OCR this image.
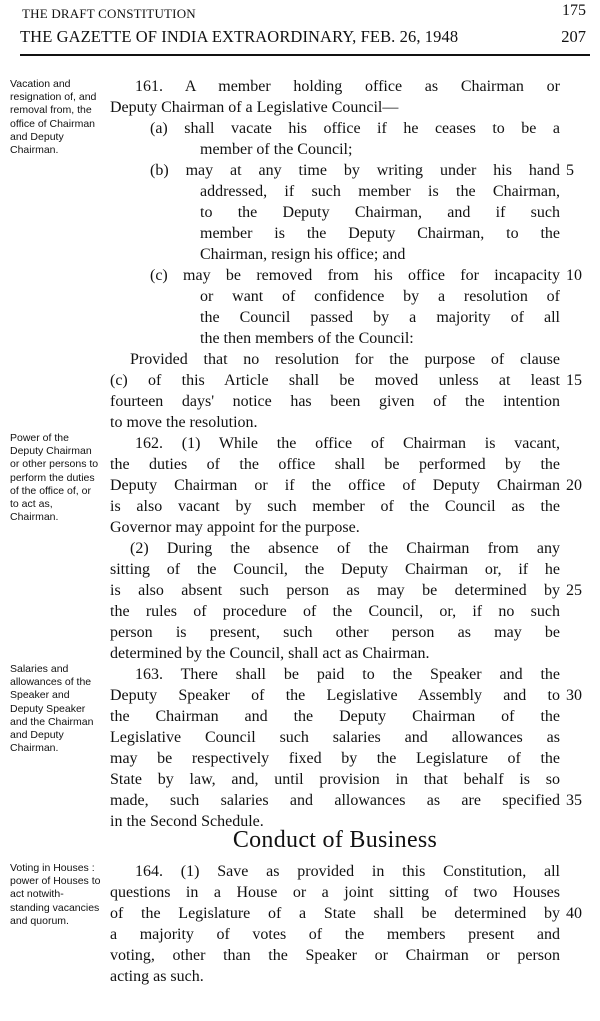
THE DRAFT CONSTITUTION	175
THE GAZETTE OF INDIA EXTRAORDINARY, FEB. 26, 1948	207
Vacation and resignation of, and removal from, the office of Chairman and Deputy Chairman.
Power of the Deputy Chairman or other persons to perform the duties of the office of, or to act as, Chairman.
Salaries and allowances of the Speaker and Deputy Speaker and the Chairman and Deputy Chairman.
Voting in Houses : power of Houses to act notwith-standing vacancies and quorum.
161. A member holding office as Chairman or
Deputy Chairman of a Legislative Council—
(a) shall vacate his office if he ceases to be a
member of the Council;
(b) may at any time by writing under his hand
addressed, if such member is the Chairman,
to the Deputy Chairman, and if such
member is the Deputy Chairman, to the
Chairman, resign his office; and
(c) may be removed from his office for incapacity
or want of confidence by a resolution of
the Council passed by a majority of all
the then members of the Council:
Provided that no resolution for the purpose of clause
(c) of this Article shall be moved unless at least
fourteen days' notice has been given of the intention
to move the resolution.
162. (1) While the office of Chairman is vacant,
the duties of the office shall be performed by the
Deputy Chairman or if the office of Deputy Chairman
is also vacant by such member of the Council as the
Governor may appoint for the purpose.
(2) During the absence of the Chairman from any
sitting of the Council, the Deputy Chairman or, if he
is also absent such person as may be determined by
the rules of procedure of the Council, or, if no such
person is present, such other person as may be
determined by the Council, shall act as Chairman.
163. There shall be paid to the Speaker and the
Deputy Speaker of the Legislative Assembly and to
the Chairman and the Deputy Chairman of the
Legislative Council such salaries and allowances as
may be respectively fixed by the Legislature of the
State by law, and, until provision in that behalf is so
made, such salaries and allowances as are specified
in the Second Schedule.
164. (1) Save as provided in this Constitution, all
questions in a House or a joint sitting of two Houses
of the Legislature of a State shall be determined by
a majority of votes of the members present and
voting, other than the Speaker or Chairman or person
acting as such.
Conduct of Business
5
10
15
20
25
30
35
40
